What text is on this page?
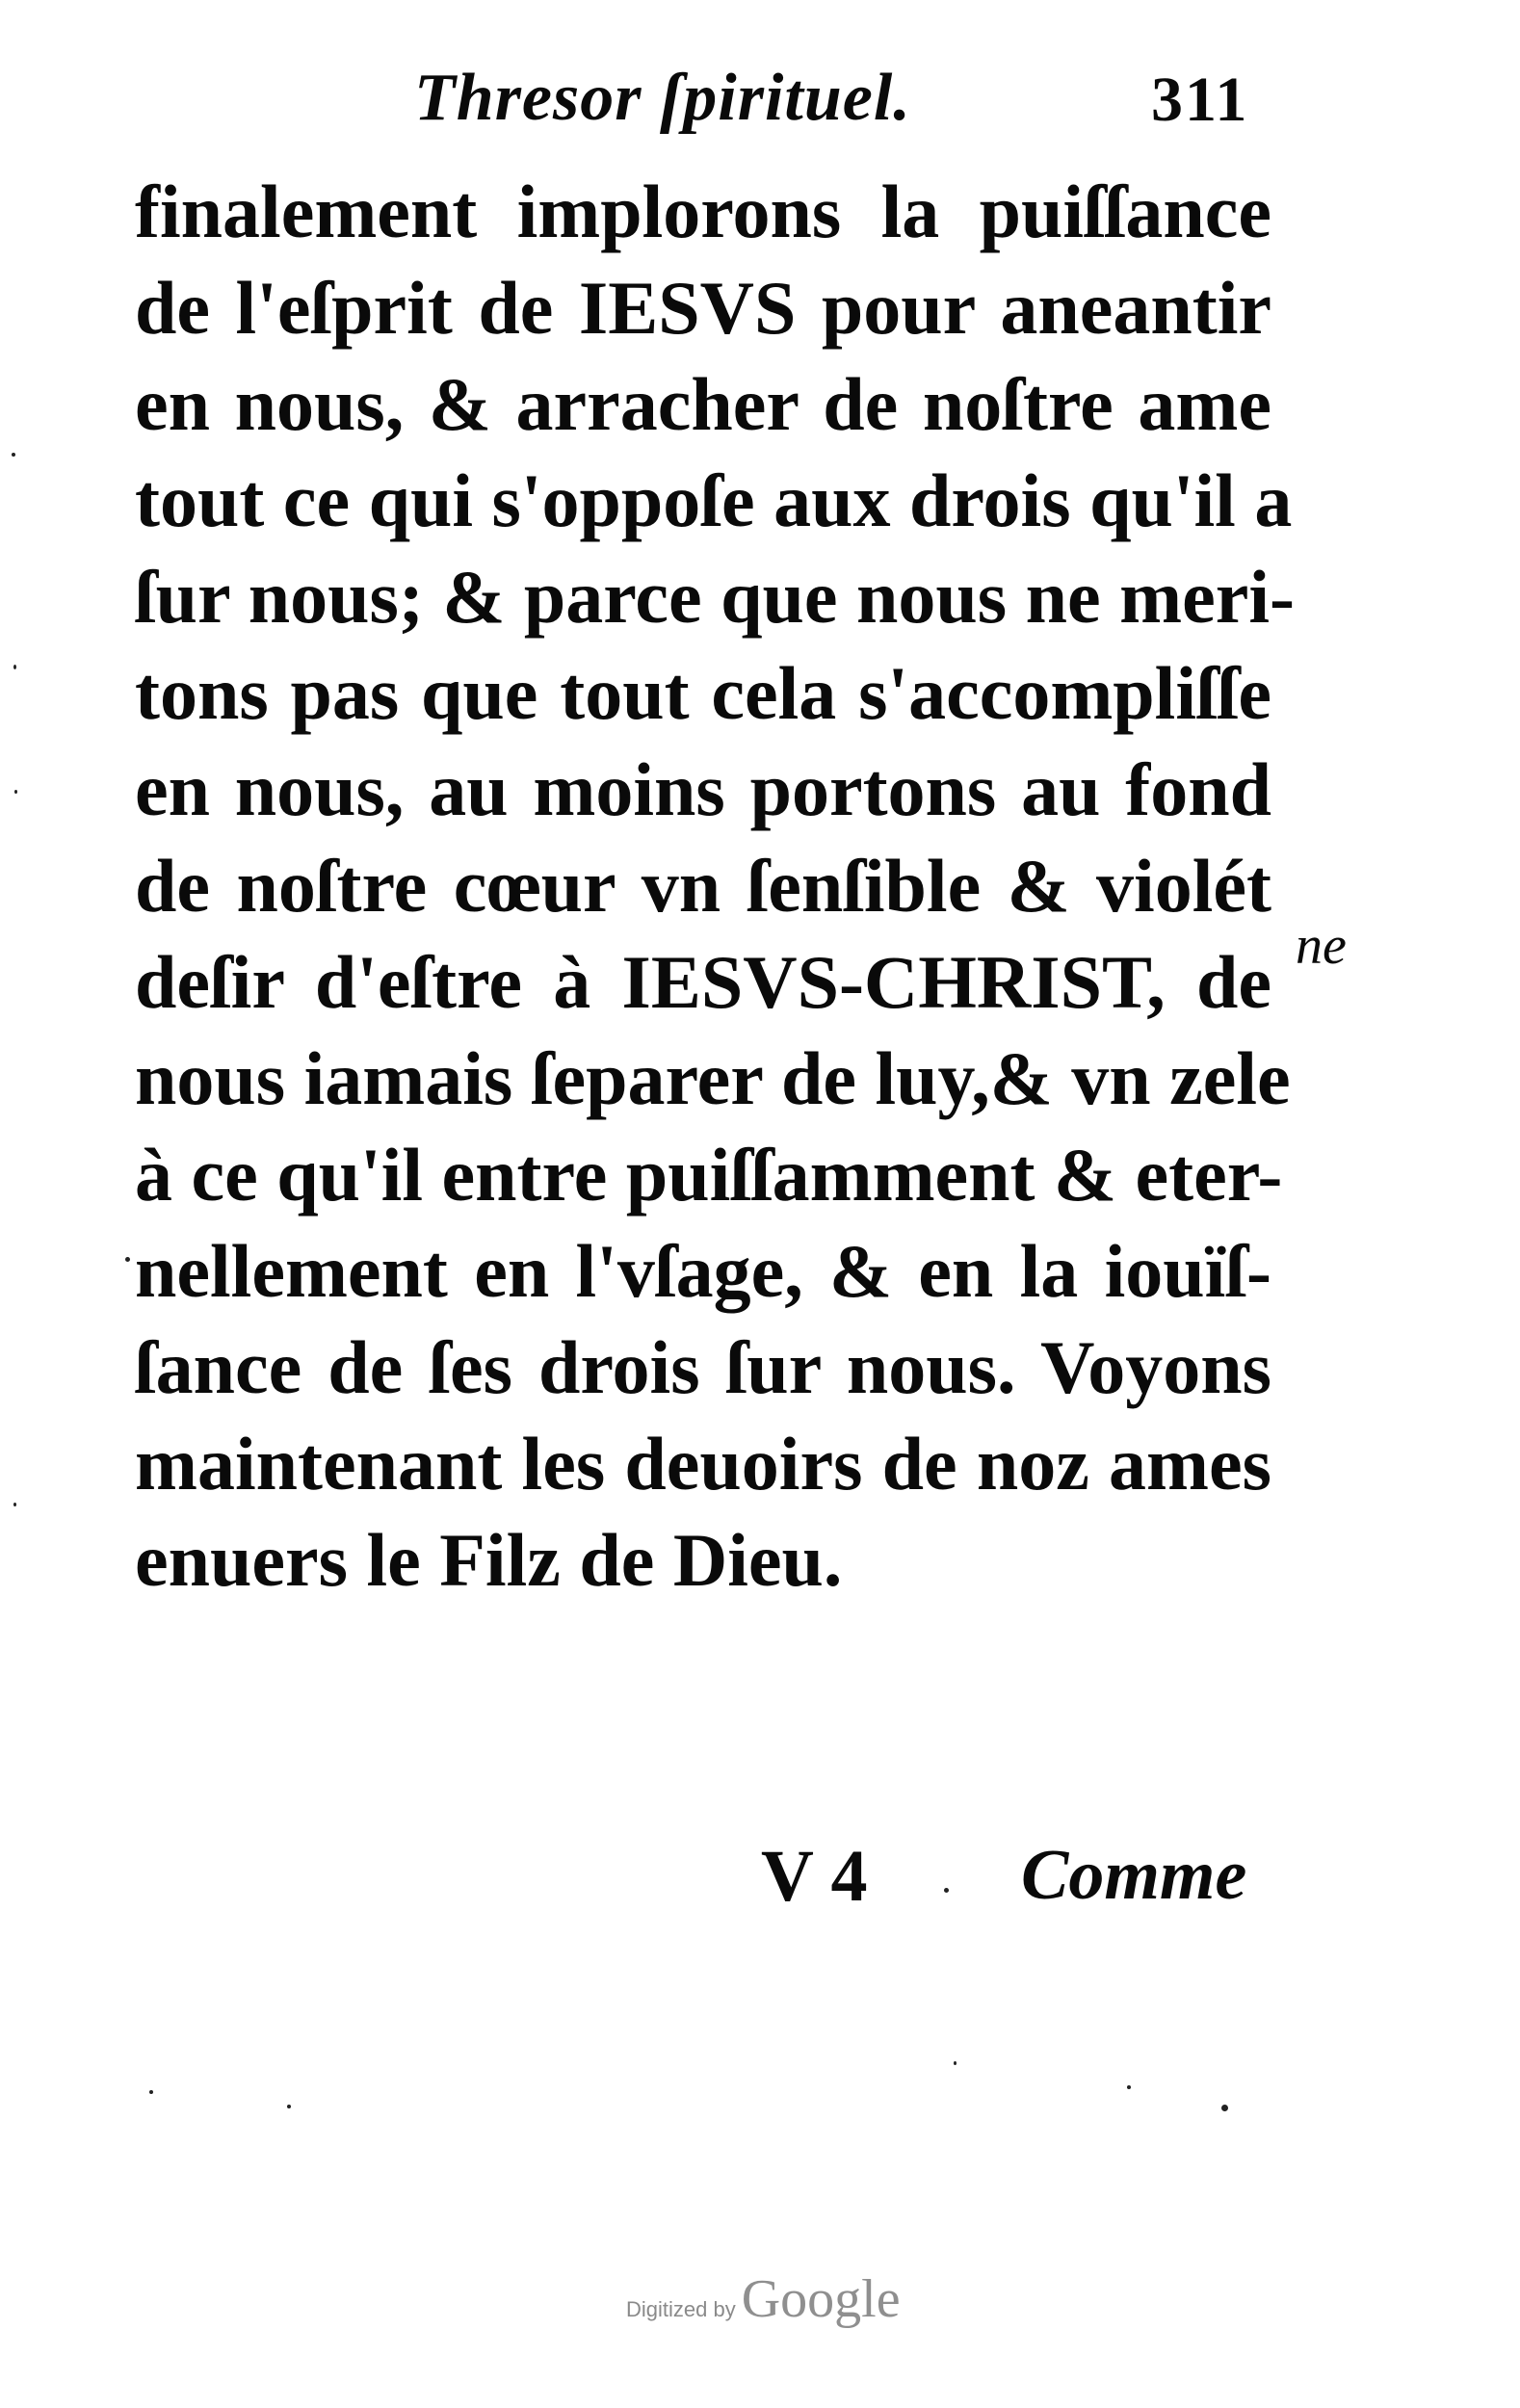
Thresor ſpirituel.	311
finalement implorons la puiſſance
de l'eſprit de IESVS pour aneantir
en nous, & arracher de noſtre ame
tout ce qui s'oppoſe aux drois qu'il a
ſur nous; & parce que nous ne meri-
tons pas que tout cela s'accompliſſe
en nous, au moins portons au fond
de noſtre cœur vn ſenſible & violét
deſir d'eſtre à IESVS-CHRIST, de
nous iamais ſeparer de luy,& vn zele
à ce qu'il entre puiſſamment & eter-
nellement en l'vſage, & en la iouïſ-
ſance de ſes drois ſur nous. Voyons
maintenant les deuoirs de noz ames
enuers le Filz de Dieu.
ne
V 4 Comme
Digitized by Google
